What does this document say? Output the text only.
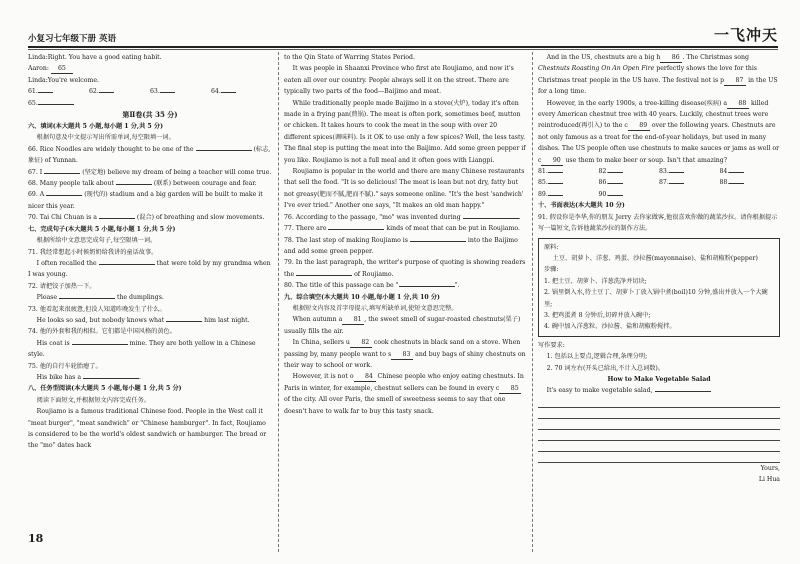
小复习七年级下册 英语	一飞冲天

Linda:Right. You have a good eating habit.

Aaron: 65

Linda:You're welcome.

61.	62.	63.	64.

65.

第Ⅱ卷(共 35 分)

六、填词(本大题共 5 小题,每小题 1 分,共 5 分)

根据句意及中文提示写出所需单词,每空限填一词。

66. Rice Noodles are widely thought to be one of the	(标志,象征) of Yunnan.

67. I	(坚定地) believe my dream of being a teacher will come true.

68. Many people talk about	(联系) between courage and fear.

69. A	(现代的) stadium and a big garden will be built to make it nicer this year.

70. Tai Chi Chuan is a	(混合) of breathing and slow movements.

七、完成句子(本大题共 5 小题,每小题 1 分,共 5 分)

根据所给中文意思完成句子,每空限填一词。

71. 我经常想起小时候奶奶给我讲的童话故事。

I often recalled the	that were told by my grandma when I was young.

72. 请把饺子加热一下。

Please	the dumplings.

73. 他看起来很疲惫,但没人知道昨晚发生了什么。

He looks so sad, but nobody knows what	him last night.

74. 他的外套和我的相似。它们都是中国风格的黄色。

His coat is	mine. They are both yellow in a Chinese style.

75. 他的自行车轮胎瘪了。

His bike has a	.

八、任务型阅读(本大题共 5 小题,每小题 1 分,共 5 分)

阅读下面短文,并根据短文内容完成任务。

Roujiamo is a famous traditional Chinese food. People in the West call it "meat burger", "meat sandwich" or "Chinese hamburger". In fact, Roujiamo is considered to be the world's oldest sandwich or hamburger. The bread or the "mo" dates back

to the Qin State of Warring States Period.

It was people in Shaanxi Province who first ate Roujiamo, and now it's eaten all over our country. People always sell it on the street. There are typically two parts of the food—Baijimo and meat.

While traditionally people made Baijimo in a stove(火炉), today it's often made in a frying pan(煎锅). The meat is often pork, sometimes beef, mutton or chicken. It takes hours to cook the meat in the soup with over 20 different spices(调味料). Is it OK to use only a few spices? Well, the less tasty. The final step is putting the meat into the Baijimo. Add some green pepper if you like. Roujiamo is not a full meal and it often goes with Liangpi.

Roujiamo is popular in the world and there are many Chinese restaurants that sell the food. "It is so delicious! The meat is lean but not dry, fatty but not greasy(肥而不腻,肥而不腻)." says someone online. "It's the best 'sandwich' I've ever tried." Another one says, "It makes an old man happy."

76. According to the passage, "mo" was invented during	.

77. There are	kinds of meat that can be put in Roujiamo.

78. The last step of making Roujiamo is	into the Baijimo and add some green pepper.

79. In the last paragraph, the writer's purpose of quoting is showing readers the	of Roujiamo.

80. The title of this passage can be "	".

九、综合填空(本大题共 10 小题,每小题 1 分,共 10 分)

根据短文内容及首字母提示,填写所缺单词,使短文意思完整。

When autumn a 81 , the sweet smell of sugar-roasted chestnuts(栗子) usually fills the air.

In China, sellers u 82 cook chestnuts in black sand on a stove. When passing by, many people want to s 83 and buy bags of shiny chestnuts on their way to school or work.

However, it is not o 84 Chinese people who enjoy eating chestnuts. In Paris in winter, for example, chestnut sellers can be found in every c 85 of the city. All over Paris, the smell of sweetness seems to say that one doesn't have to walk far to buy this tasty snack.

And in the US, chestnuts are a big h 86 . The Christmas song Chestnuts Roasting On An Open Fire perfectly shows the love for this Christmas treat people in the US have. The festival not is p 87 in the US for a long time.

However, in the early 1900s, a tree-killing disease(疾病) a 88 killed every American chestnut tree with 40 years. Luckily, chestnut trees were reintroduced(再引入) to the c 89 over the following years. Chestnuts are not only famous as a treat for the end-of-year holidays, but used in many dishes. The US people often use chestnuts to make sauces or jams as well or c 90 use them to make beer or soup. Isn't that amazing?

81.	82.	83.	84.
85.	86.	87.	88.
89.	90.

十、书面表达(本大题共 10 分)

91. 假设你是李华,你的朋友 Jerry 去你家做客,他很喜欢你做的蔬菜沙拉。请你根据提示写一篇短文,告诉他蔬菜沙拉的制作方法。

原料:

土豆、胡萝卜、洋葱、鸡蛋、沙拉酱(mayonnaise)、盐和胡椒粉(pepper)

步骤:

1. 把土豆、胡萝卜、洋葱洗净并切块;

2. 锅里倒入水,待土豆丁、胡萝卜丁放入锅中煮(boil)10 分钟,盛出并放入一个大碗里;

3. 把鸡蛋煮 8 分钟后,切碎并放入碗中;

4. 碗中加入洋葱粒、沙拉酱、盐和胡椒粉搅拌。

写作要求:

1. 包括以上要点,逻辑合理,条理分明;

2. 70 词左右(开头已给出,不计入总词数)。

How to Make Vegetable Salad

It's easy to make vegetable salad,

Yours,

Li Hua

18
